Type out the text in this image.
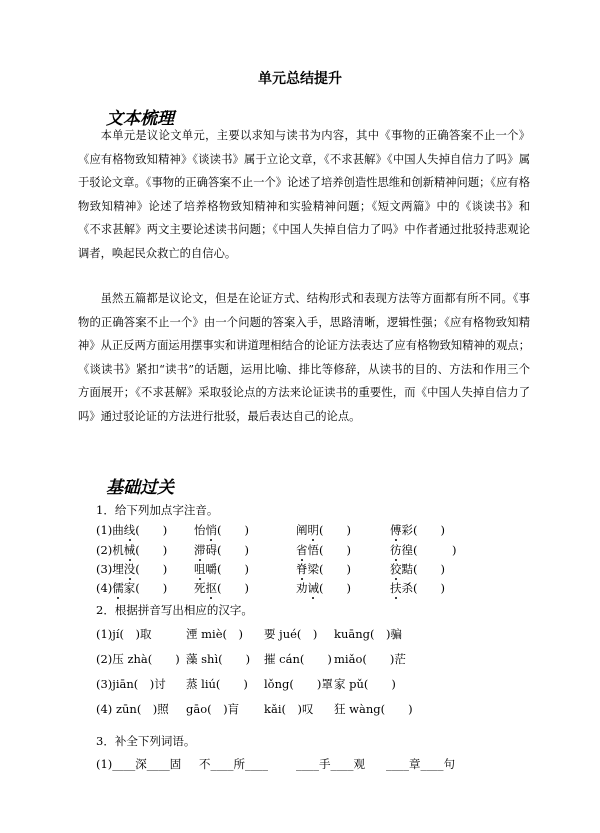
单元总结提升
文本梳理

本单元是议论文单元，主要以求知与读书为内容，其中《事物的正确答案不止一个》《应有格物致知精神》《谈读书》属于立论文章，《不求甚解》《中国人失掉自信力了吗》属于驳论文章。《事物的正确答案不止一个》论述了培养创造性思维和创新精神问题；《应有格物致知精神》论述了培养格物致知精神和实验精神问题；《短文两篇》中的《谈读书》和《不求甚解》两文主要论述读书问题；《中国人失掉自信力了吗》中作者通过批驳持悲观论调者，唤起民众救亡的自信心。

虽然五篇都是议论文，但是在论证方式、结构形式和表现方法等方面都有所不同。《事物的正确答案不止一个》由一个问题的答案入手，思路清晰，逻辑性强；《应有格物致知精神》从正反两方面运用摆事实和讲道理相结合的论证方法表达了应有格物致知精神的观点；《谈读书》紧扣“读书”的话题，运用比喻、排比等修辞，从读书的目的、方法和作用三个方面展开；《不求甚解》采取驳论点的方法来论证读书的重要性，而《中国人失掉自信力了吗》通过驳论证的方法进行批驳，最后表达自己的论点。

基础过关
1．给下列加点字注音。
(1)曲线(　　) 怡悄(　　)	阐明(　　)	傅彩(　　)
(2)机械(　　) 滞碍(　　)	省悟(　　)	彷徨(　　　)
(3)埋没(　　) 咀嚼(　　)	脊梁(　　)	狡黠(　　)
(4)儒家(　　) 死抠(　　)	劝诫(　　)	扶杀(　　)
2．根据拼音写出相应的汉字。
(1)jí(　)取	湮 miè(　) 要 jué(　) kuāng(　)骗
(2)压 zhà(　　) 藻 shì(　　) 摧 cán(　　) miǎo(　　)茫
(3)jiān(　)讨 蒸 liú(　　) lǒng(　　)罩 家 pǔ(　　)
(4) zūn(　)照 gāo(　)肓 kǎi(　)叹 狂 wàng(　　)
3．补全下列词语。
(1)____深____固 不____所____ ____手____观 ____章____句
